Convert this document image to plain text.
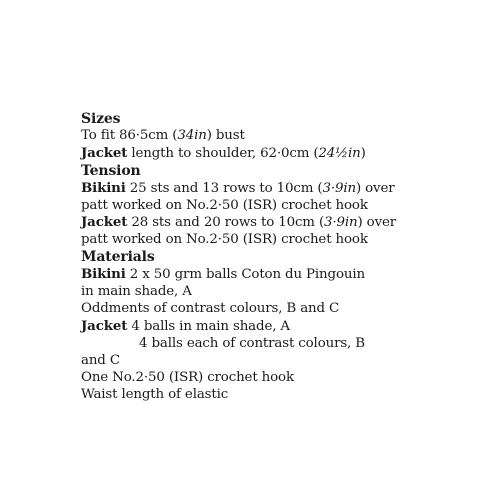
Sizes
To fit 86·5cm (34in) bust
Jacket length to shoulder, 62·0cm (24½in)
Tension
Bikini 25 sts and 13 rows to 10cm (3·9in) over
patt worked on No.2·50 (ISR) crochet hook
Jacket 28 sts and 20 rows to 10cm (3·9in) over
patt worked on No.2·50 (ISR) crochet hook
Materials
Bikini 2 x 50 grm balls Coton du Pingouin
in main shade, A
Oddments of contrast colours, B and C
Jacket 4 balls in main shade, A
4 balls each of contrast colours, B
and C
One No.2·50 (ISR) crochet hook
Waist length of elastic
